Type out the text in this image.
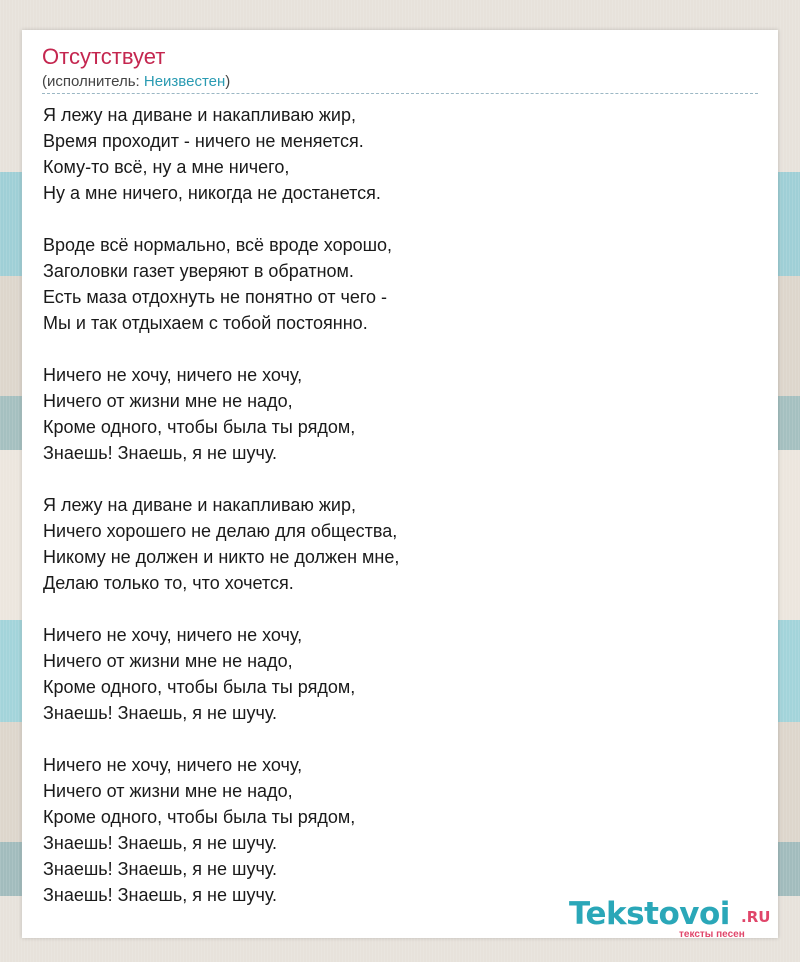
Отсутствует
(исполнитель: Неизвестен)
Я лежу на диване и накапливаю жир,
Время проходит - ничего не меняется.
Кому-то всё, ну а мне ничего,
Ну а мне ничего, никогда не достанется.
Вроде всё нормально, всё вроде хорошо,
Заголовки газет уверяют в обратном.
Есть маза отдохнуть не понятно от чего -
Мы и так отдыхаем с тобой постоянно.
Ничего не хочу, ничего не хочу,
Ничего от жизни мне не надо,
Кроме одного, чтобы была ты рядом,
Знаешь! Знаешь, я не шучу.
Я лежу на диване и накапливаю жир,
Ничего хорошего не делаю для общества,
Никому не должен и никто не должен мне,
Делаю только то, что хочется.
Ничего не хочу, ничего не хочу,
Ничего от жизни мне не надо,
Кроме одного, чтобы была ты рядом,
Знаешь! Знаешь, я не шучу.
Ничего не хочу, ничего не хочу,
Ничего от жизни мне не надо,
Кроме одного, чтобы была ты рядом,
Знаешь! Знаешь, я не шучу.
Знаешь! Знаешь, я не шучу.
Знаешь! Знаешь, я не шучу.
Tekstovoi .RU
тексты песен
